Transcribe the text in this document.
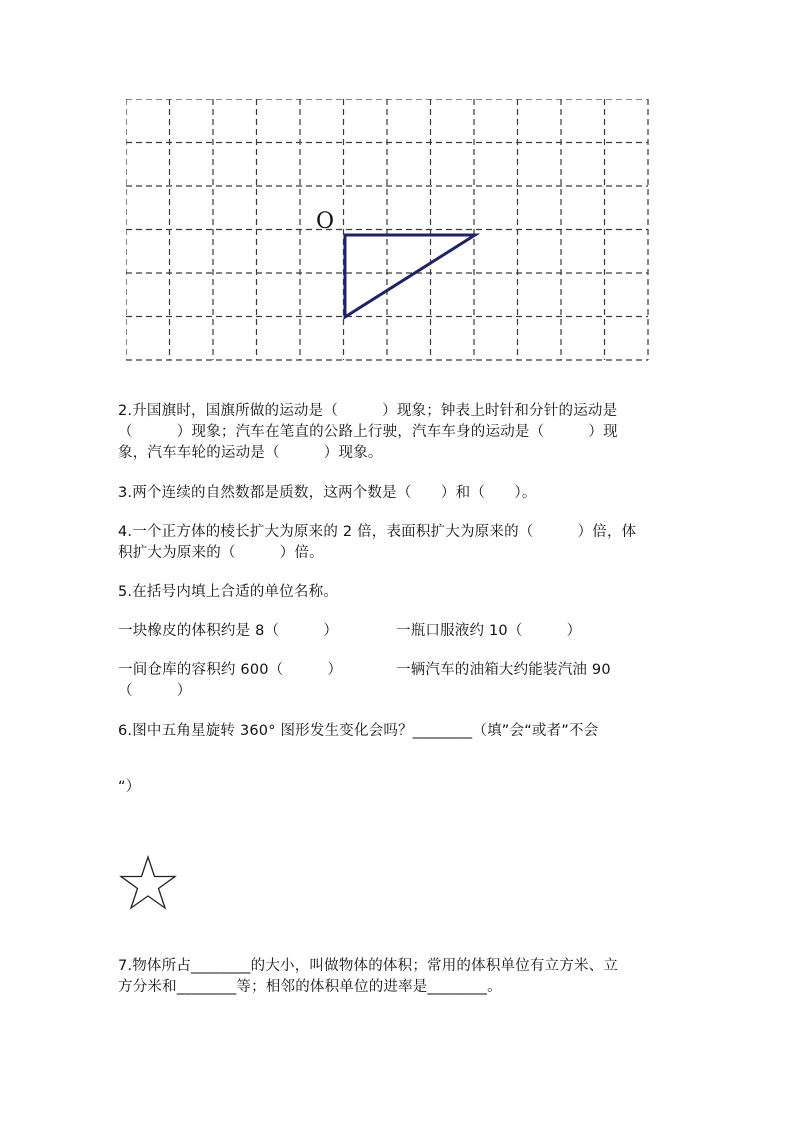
O
2.升国旗时，国旗所做的运动是（　　　）现象；钟表上时针和分针的运动是
（　　　）现象；汽车在笔直的公路上行驶，汽车车身的运动是（　　　）现
象，汽车车轮的运动是（　　　）现象。
3.两个连续的自然数都是质数，这两个数是（　　）和（　　）。
4.一个正方体的棱长扩大为原来的 2 倍，表面积扩大为原来的（　　　）倍，体
积扩大为原来的（　　　）倍。
5.在括号内填上合适的单位名称。
一块橡皮的体积约是 8（　　　）	一瓶口服液约 10（　　　）
一间仓库的容积约 600（　　　）	一辆汽车的油箱大约能装汽油 90
（　　　）
6.图中五角星旋转 360° 图形发生变化会吗？________（填”会“或者”不会
“）
7.物体所占________的大小，叫做物体的体积；常用的体积单位有立方米、立
方分米和________等；相邻的体积单位的进率是________。
